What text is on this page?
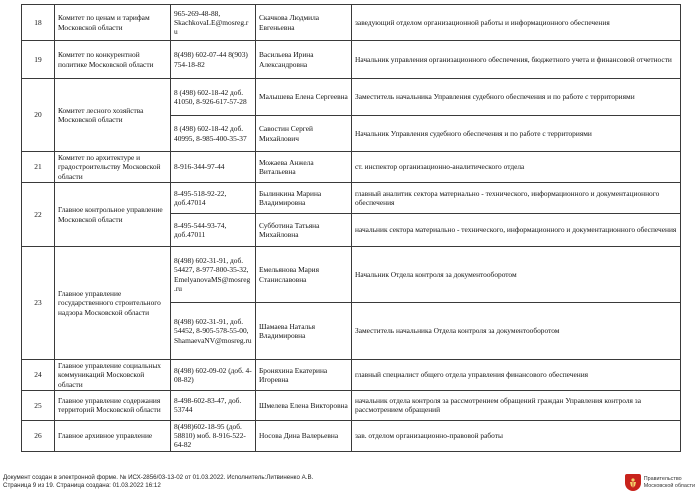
18	Комитет по ценам и тарифам Московской области	965-269-48-88, SkachkovaLE@mosreg.ru	Скачкова Людмила Евгеньевна	заведующий отделом организационной работы и информационного обеспечения
19	Комитет по конкурентной политике Московской области	8(498) 602-07-44 8(903) 754-18-82	Васильева Ирина Александровна	Начальник управления организационного обеспечения, бюджетного учета и финансовой отчетности
20	Комитет лесного хозяйства Московской области	8 (498) 602-18-42 доб. 41050, 8-926-617-57-28	Малышева Елена Сергеевна	Заместитель начальника Управления судебного обеспечения и по работе с территориями
		8 (498) 602-18-42 доб. 40995, 8-985-400-35-37	Савостин Сергей Михайлович	Начальник Управления судебного обеспечения и по работе с территориями
21	Комитет по архитектуре и градостроительству Московской области	8-916-344-97-44	Можаева Анжела Витальевна	ст. инспектор организационно-аналитического отдела
22	Главное контрольное управление Московской области	8-495-518-92-22, доб.47014	Былинкина Марина Владимировна	главный аналитик сектора материально - технического, информационного и документационного обеспечения
		8-495-544-93-74, доб.47011	Субботина Татьяна Михайловна	начальник сектора материально - технического, информационного и документационного обеспечения
23	Главное управление государственного строительного надзора Московской области	8(498) 602-31-91, доб. 54427, 8-977-800-35-32, EmelyanovaMS@mosreg.ru	Емельянова Мария Станиславовна	Начальник Отдела контроля за документооборотом
		8(498) 602-31-91, доб. 54452, 8-905-578-55-00, ShamaevaNV@mosreg.ru	Шамаева Наталья Владимировна	Заместитель начальника Отдела контроля за документооборотом
24	Главное управление социальных коммуникаций Московской области	8(498) 602-09-02 (доб. 4-08-82)	Броняхина Екатерина Игоревна	главный специалист общего отдела управления финансового обеспечения
25	Главное управление содержания территорий Московской области	8-498-602-83-47, доб. 53744	Шмелева Елена Викторовна	начальник отдела контроля за рассмотрением обращений граждан Управления контроля за рассмотрением обращений
26	Главное архивное управление	8(498)602-18-95 (доб. 58810) моб. 8-916-522-64-82	Носова Дина Валерьевна	зав. отделом организационно-правовой работы
Документ создан в электронной форме. № ИСХ-2856/03-13-02 от 01.03.2022. Исполнитель:Литвиненко А.В.
Страница 9 из 19. Страница создана: 01.03.2022 16:12
Правительство
Московской области
